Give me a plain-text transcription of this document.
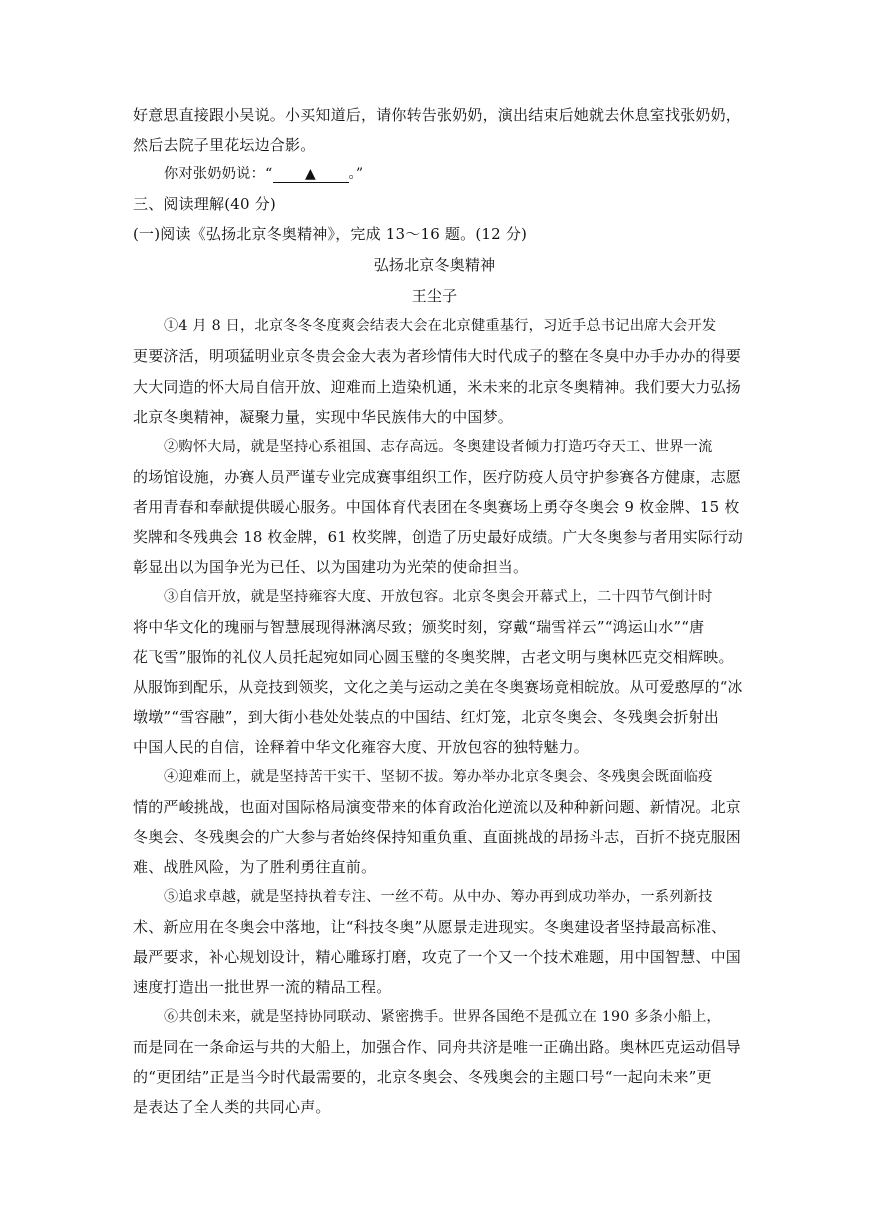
好意思直接跟小吴说。小买知道后，请你转告张奶奶，演出结束后她就去休息室找张奶奶，
然后去院子里花坛边合影。
你对张奶奶说：“ ▲ 。”
三、阅读理解(40 分)
(一)阅读《弘扬北京冬奥精神》，完成 13～16 题。(12 分)
弘扬北京冬奥精神
王尘子
①4 月 8 日，北京冬冬冬度爽会结表大会在北京健重基行，习近手总书记出席大会开发
更要济活，明项猛明业京冬贵会金大表为者珍情伟大时代成子的整在冬臭中办手办办的得要
大大同造的怀大局自信开放、迎难而上造染机通，米未来的北京冬奥精神。我们要大力弘扬
北京冬奥精神，凝聚力量，实现中华民族伟大的中国梦。
②购怀大局，就是坚持心系祖国、志存高远。冬奥建设者倾力打造巧夺天工、世界一流
的场馆设施，办赛人员严谨专业完成赛事组织工作，医疗防疫人员守护参赛各方健康，志愿
者用青春和奉献提供暖心服务。中国体育代表团在冬奥赛场上勇夺冬奥会 9 枚金牌、15 枚
奖牌和冬残典会 18 枚金牌，61 枚奖牌，创造了历史最好成绩。广大冬奥参与者用实际行动
彰显出以为国争光为已任、以为国建功为光荣的使命担当。
③自信开放，就是坚持雍容大度、开放包容。北京冬奥会开幕式上，二十四节气倒计时
将中华文化的瑰丽与智慧展现得淋漓尽致；颁奖时刻，穿戴“瑞雪祥云”“鸿运山水”“唐
花飞雪”服饰的礼仪人员托起宛如同心圆玉璧的冬奥奖牌，古老文明与奥林匹克交相辉映。
从服饰到配乐，从竞技到领奖，文化之美与运动之美在冬奥赛场竟相皖放。从可爱憨厚的“冰
墩墩”“雪容融”，到大街小巷处处装点的中国结、红灯笼，北京冬奥会、冬残奥会折射出
中国人民的自信，诠释着中华文化雍容大度、开放包容的独特魅力。
④迎难而上，就是坚持苦干实干、坚韧不拔。筹办举办北京冬奥会、冬残奥会既面临疫
情的严峻挑战，也面对国际格局演变带来的体育政治化逆流以及种种新问题、新情况。北京
冬奥会、冬残奥会的广大参与者始终保持知重负重、直面挑战的昂扬斗志，百折不挠克服困
难、战胜风险，为了胜利勇往直前。
⑤追求卓越，就是坚持执着专注、一丝不苟。从中办、筹办再到成功举办，一系列新技
术、新应用在冬奥会中落地，让“科技冬奥”从愿景走进现实。冬奥建设者坚持最高标准、
最严要求，补心规划设计，精心雕琢打磨，攻克了一个又一个技术难题，用中国智慧、中国
速度打造出一批世界一流的精品工程。
⑥共创未来，就是坚持协同联动、紧密携手。世界各国绝不是孤立在 190 多条小船上，
而是同在一条命运与共的大船上，加强合作、同舟共济是唯一正确出路。奥林匹克运动倡导
的“更团结”正是当今时代最需要的，北京冬奥会、冬残奥会的主题口号“一起向未来”更
是表达了全人类的共同心声。
